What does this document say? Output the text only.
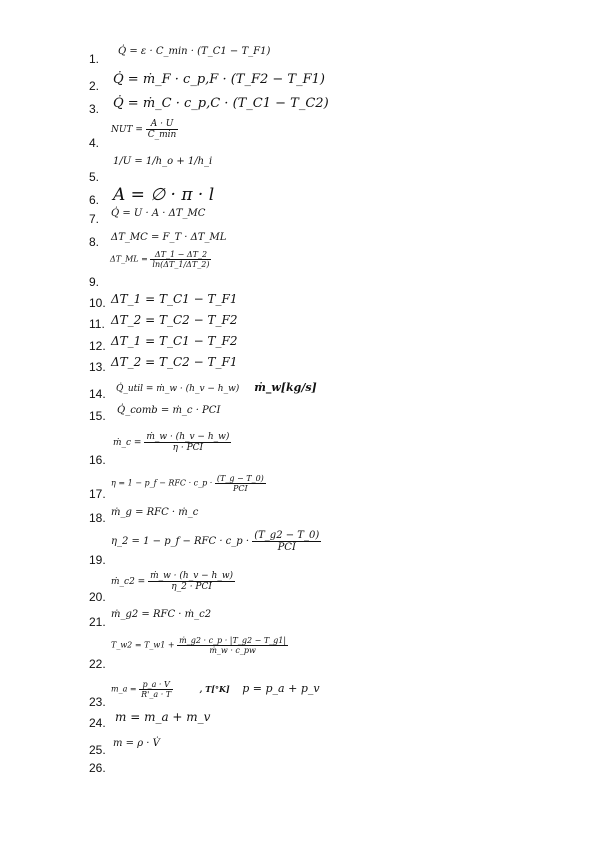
1.
2.
3.
4.
5.
6.
7.
8.
9.
10.
11.
12.
13.
14.
15.
16.
17.
18.
19.
20.
21.
22.
23.
24.
25.
26.
Q̇ = ε · C_min · (T_C1 − T_F1)
Q̇ = ṁ_F · c_p,F · (T_F2 − T_F1)
Q̇ = ṁ_C · c_p,C · (T_C1 − T_C2)
NUT = $\frac{A \cdot U}{C\_\min}$
1/U = 1/h_o + 1/h_i
A = ∅ · π · l
Q̇ = U · A · ΔT_MC
ΔT_MC = F_T · ΔT_ML
ΔT_ML = $\frac{\Delta T\_1 - \Delta T\_2}{\ln(\Delta T\_1/\Delta T\_2)}$
ΔT_1 = T_C1 − T_F1
ΔT_2 = T_C2 − T_F2
ΔT_1 = T_C1 − T_F2
ΔT_2 = T_C2 − T_F1
Q̇_util = ṁ_w · (h_v − h_w) ṁ_w[kg/s]
Q̇_comb = ṁ_c · PCI
ṁ_c = $\frac{\text{ṁ\_w · (h\_v − h\_w)}}{\text{η · PCI}}$
η = 1 − p_f − RFC · c_p · $\frac{(T\_g - T\_0)}{\text{PCI}}$
ṁ_g = RFC · ṁ_c
η_2 = 1 − p_f − RFC · c_p · $\frac{(T\_g2 - T\_0)}{\text{PCI}}$
ṁ_c2 = $\frac{\text{ṁ\_w · (h\_v − h\_w)}}{\text{η\_2 · PCI}}$
ṁ_g2 = RFC · ṁ_c2
T_w2 = T_w1 + $\frac{\text{ṁ\_g2 · c\_p · |T\_g2 − T\_g1|}}{\text{ṁ\_w · c\_pw}}$
m_a = $\frac{p\_a \cdot V}{R'\_a \cdot T}$	, T[°K] p = p_a + p_v
m = m_a + m_v
m = ρ · V̇
